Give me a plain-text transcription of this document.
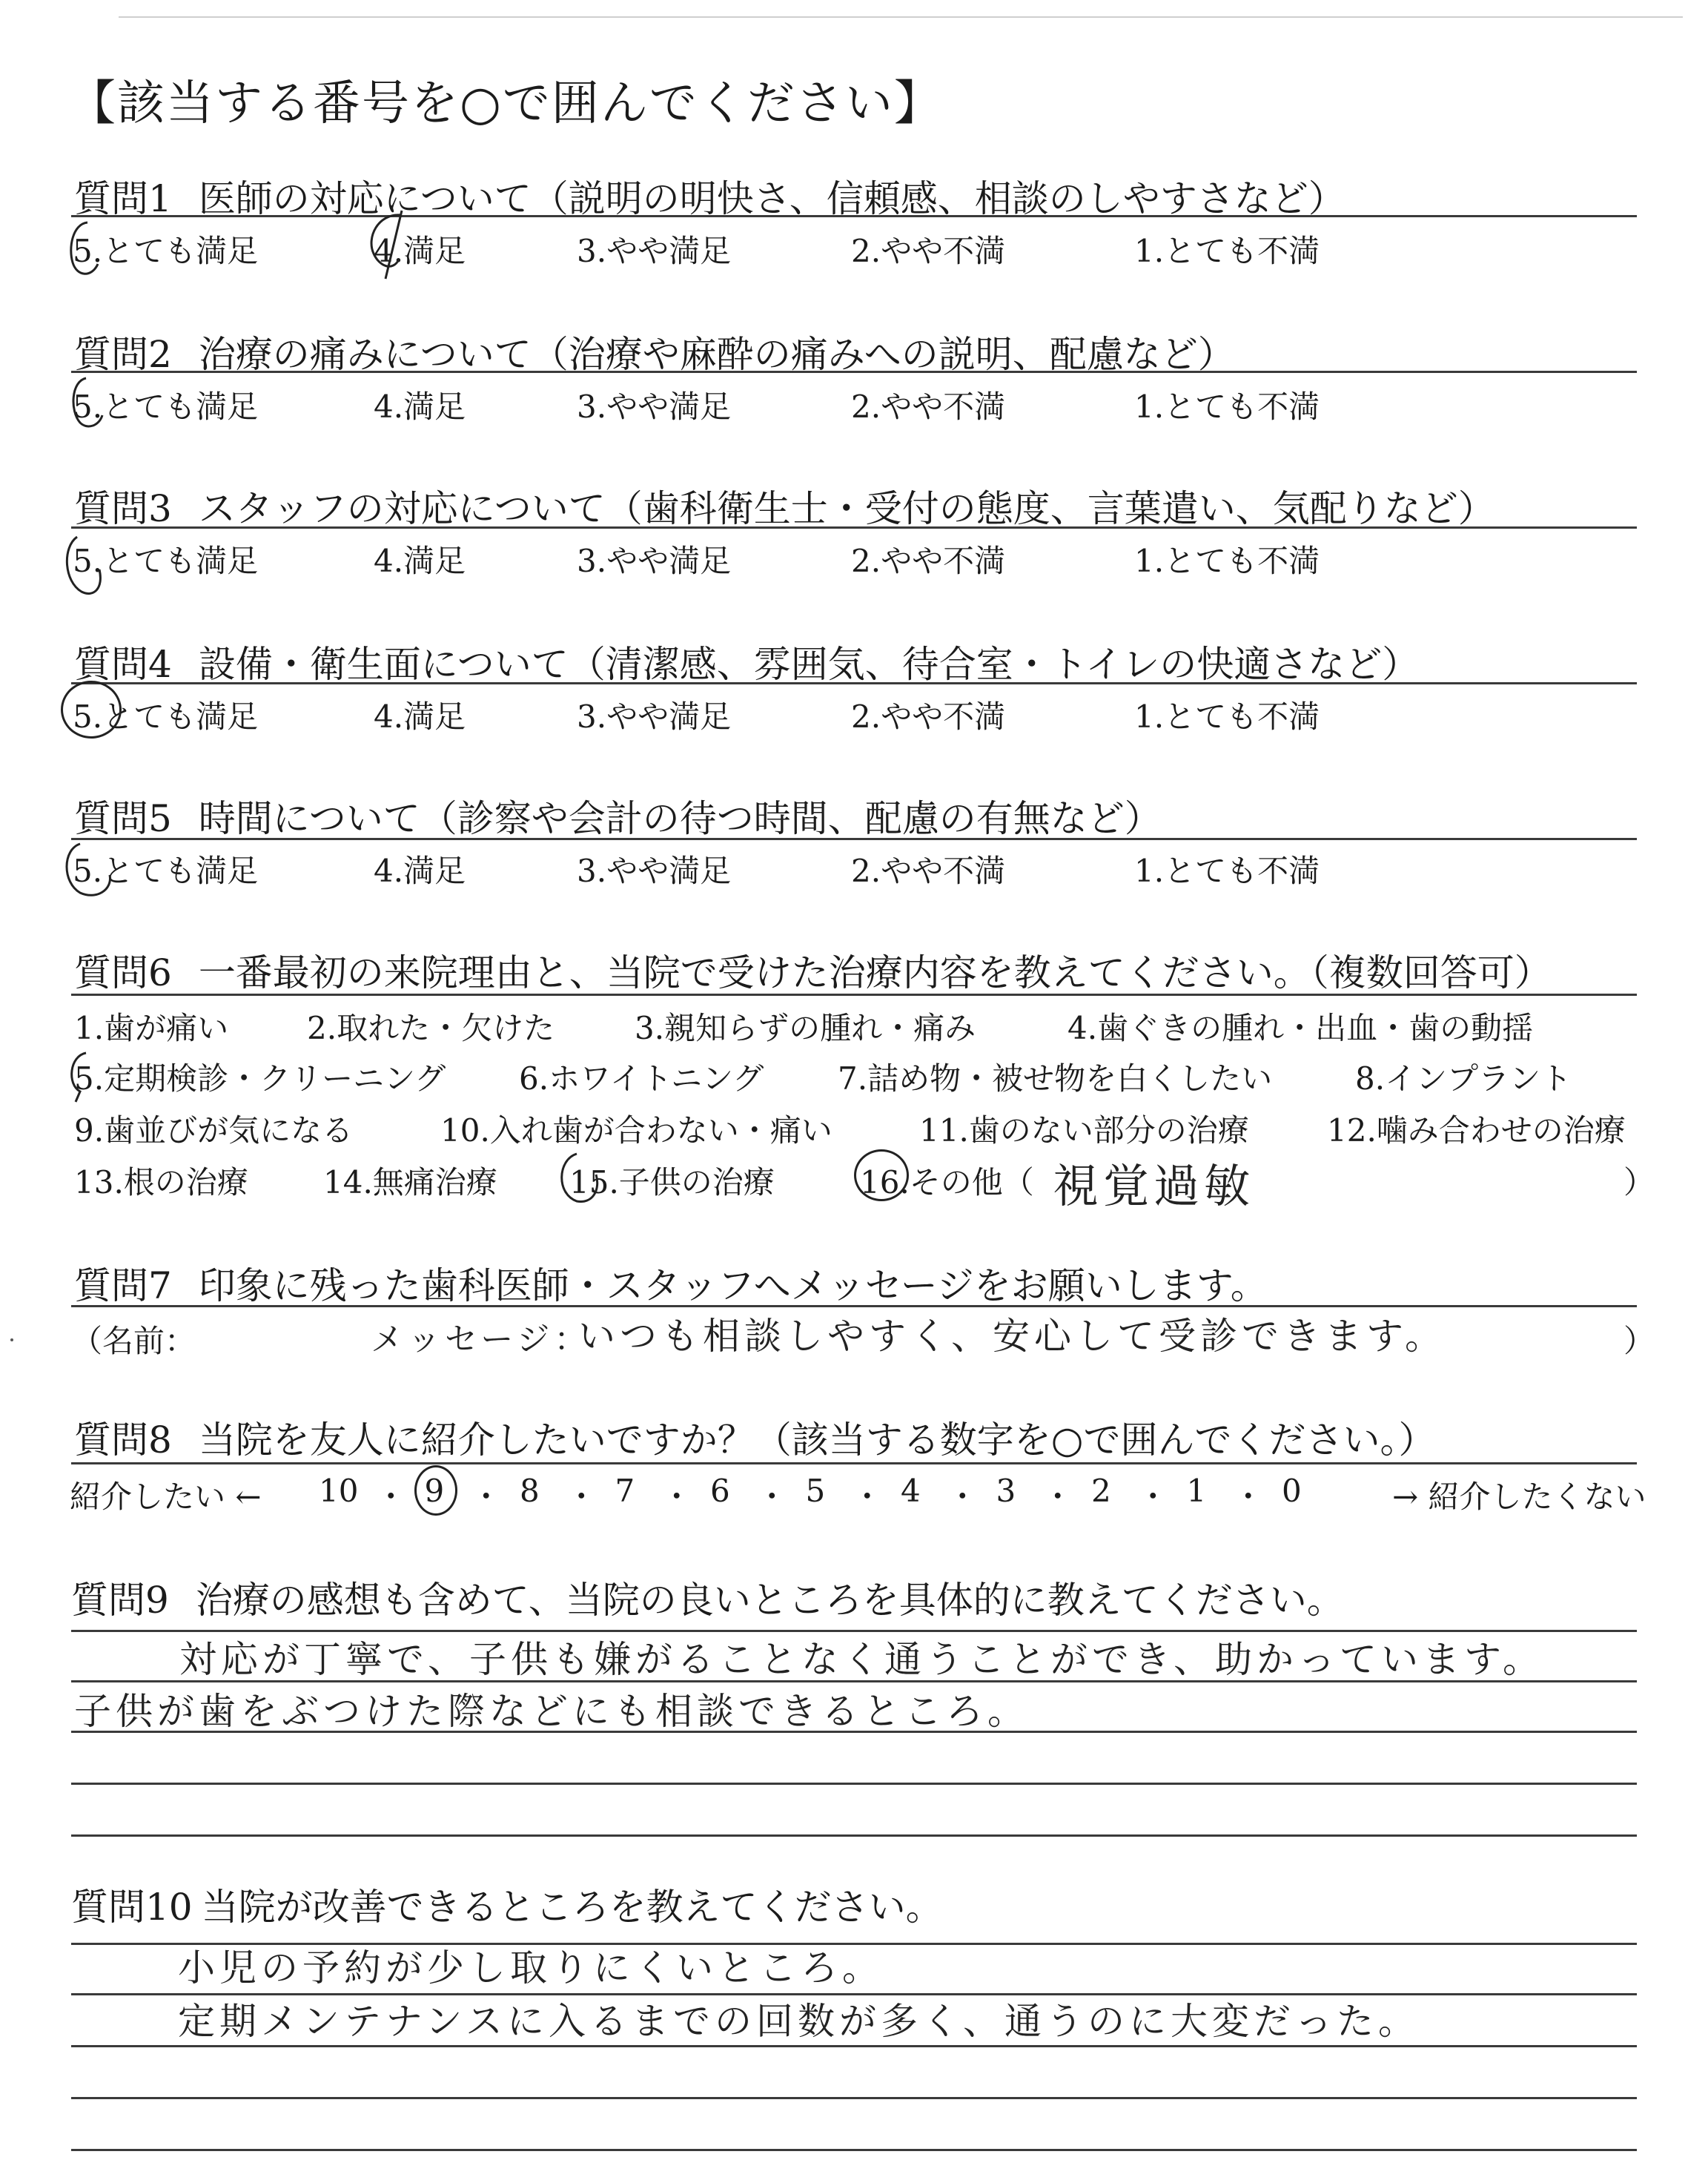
【該当する番号を○で囲んでください】
質問1 医師の対応について（説明の明快さ、信頼感、相談のしやすさなど）
5.とても満足	4.満足	3.やや満足	2.やや不満	1.とても不満
質問2 治療の痛みについて（治療や麻酔の痛みへの説明、配慮など）
5.とても満足	4.満足	3.やや満足	2.やや不満	1.とても不満
質問3 スタッフの対応について（歯科衛生士・受付の態度、言葉遣い、気配りなど）
5.とても満足	4.満足	3.やや満足	2.やや不満	1.とても不満
質問4 設備・衛生面について（清潔感、雰囲気、待合室・トイレの快適さなど）
5.とても満足	4.満足	3.やや満足	2.やや不満	1.とても不満
質問5 時間について（診察や会計の待つ時間、配慮の有無など）
5.とても満足	4.満足	3.やや満足	2.やや不満	1.とても不満
質問6 一番最初の来院理由と、当院で受けた治療内容を教えてください。（複数回答可）
1.歯が痛い	2.取れた・欠けた	3.親知らずの腫れ・痛み	4.歯ぐきの腫れ・出血・歯の動揺
5.定期検診・クリーニング 6.ホワイトニング 7.詰め物・被せ物を白くしたい	8.インプラント
9.歯並びが気になる	10.入れ歯が合わない・痛い	11.歯のない部分の治療	12.噛み合わせの治療
13.根の治療 14.無痛治療 15.子供の治療	16.その他（	）
視覚過敏
質問7 印象に残った歯科医師・スタッフへメッセージをお願いします。
（名前：	メッセージ：
いつも相談しやすく、安心して受診できます。	）
質問8 当院を友人に紹介したいですか？（該当する数字を○で囲んでください。）
紹介したい ←	→ 紹介したくない
10 ・ 9 ・ 8 ・ 7 ・ 6 ・ 5 ・ 4 ・ 3 ・ 2 ・ 1 ・ 0
質問9 治療の感想も含めて、当院の良いところを具体的に教えてください。
対応が丁寧で、子供も嫌がることなく通うことができ、助かっています。
子供が歯をぶつけた際などにも相談できるところ。
質問10 当院が改善できるところを教えてください。
小児の予約が少し取りにくいところ。
定期メンテナンスに入るまでの回数が多く、通うのに大変だった。
